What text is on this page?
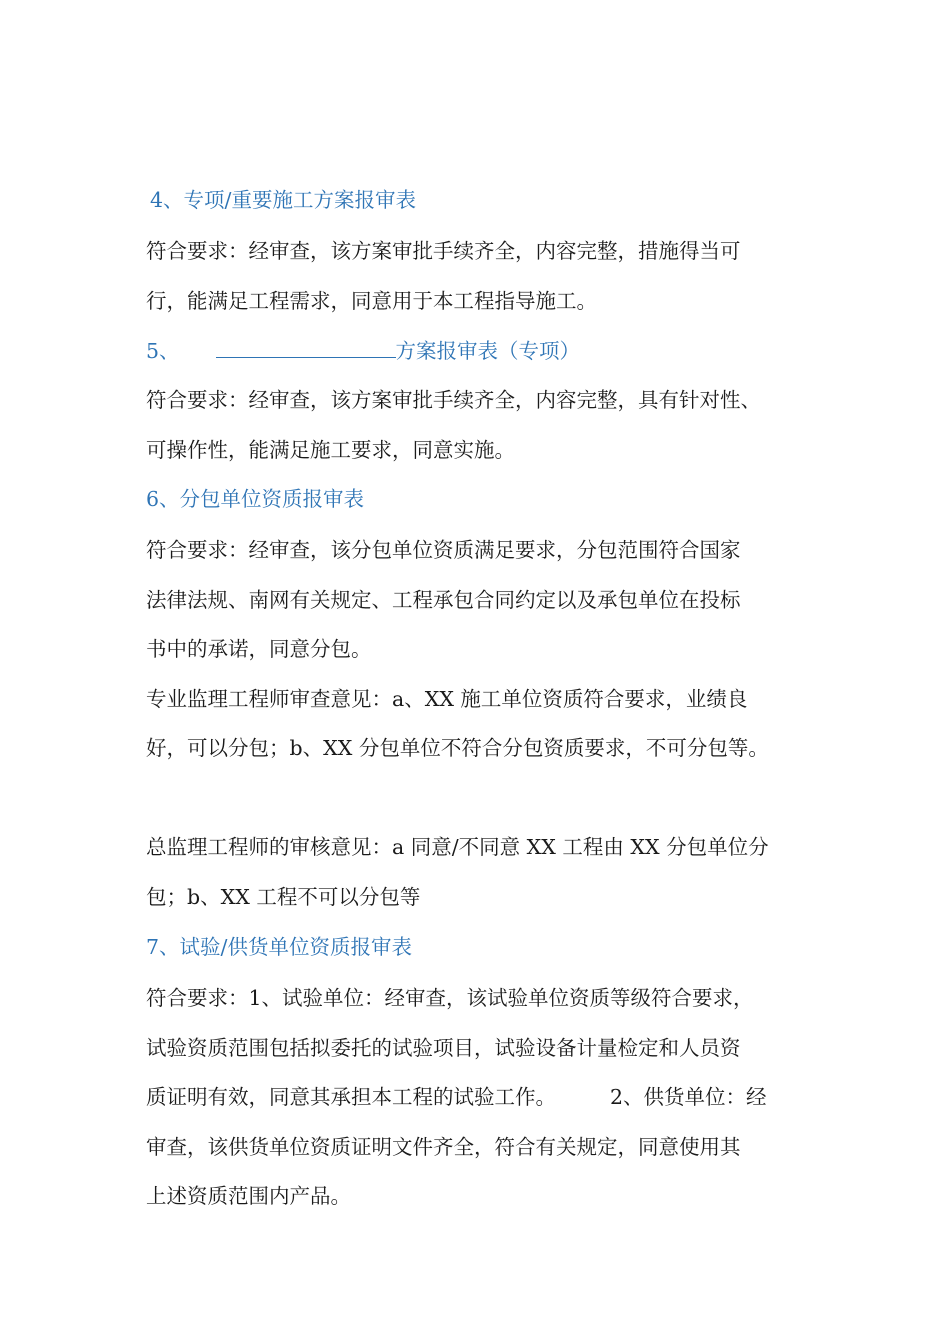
4、专项/重要施工方案报审表
符合要求：经审查，该方案审批手续齐全，内容完整，措施得当可
行，能满足工程需求，同意用于本工程指导施工。
5、	方案报审表（专项）
符合要求：经审查，该方案审批手续齐全，内容完整，具有针对性、
可操作性，能满足施工要求，同意实施。
6、分包单位资质报审表
符合要求：经审查，该分包单位资质满足要求，分包范围符合国家
法律法规、南网有关规定、工程承包合同约定以及承包单位在投标
书中的承诺，同意分包。
专业监理工程师审查意见：a、XX 施工单位资质符合要求，业绩良
好，可以分包；b、XX 分包单位不符合分包资质要求，不可分包等。
总监理工程师的审核意见：a 同意/不同意 XX 工程由 XX 分包单位分
包；b、XX 工程不可以分包等
7、试验/供货单位资质报审表
符合要求：1、试验单位：经审查，该试验单位资质等级符合要求，
试验资质范围包括拟委托的试验项目，试验设备计量检定和人员资
质证明有效，同意其承担本工程的试验工作。	2、供货单位：经
审查，该供货单位资质证明文件齐全，符合有关规定，同意使用其
上述资质范围内产品。
